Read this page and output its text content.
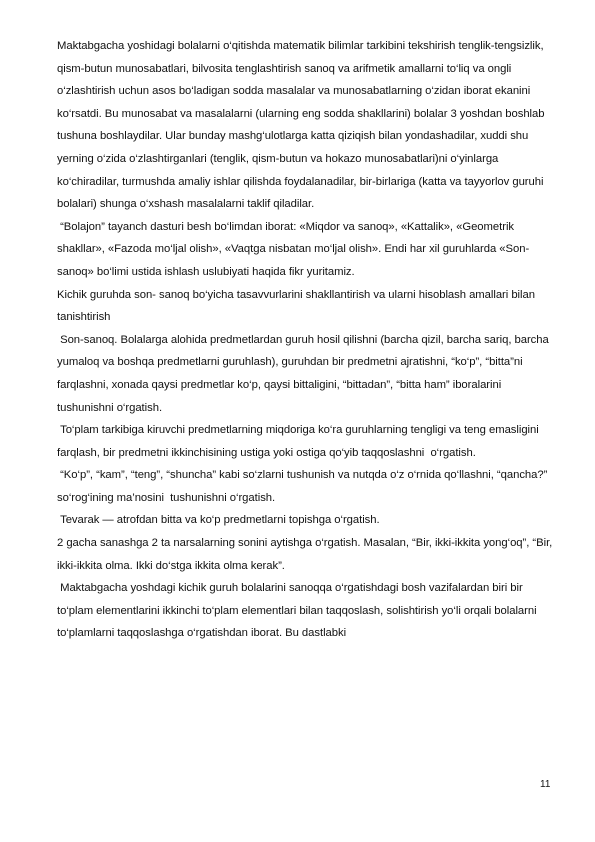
Maktabgacha yoshidagi bolalarni o‘qitishda matematik bilimlar tarkibini tekshirish tenglik-tengsizlik, qism-butun munosabatlari, bilvosita tenglashtirish sanoq va arifmetik amallarni to‘liq va ongli o‘zlashtirish uchun asos bo‘ladigan sodda masalalar va munosabatlarning o‘zidan iborat ekanini ko‘rsatdi. Bu munosabat va masalalarni (ularning eng sodda shakllarini) bolalar 3 yoshdan boshlab tushuna boshlaydilar. Ular bunday mashg‘ulotlarga katta qiziqish bilan yondashadilar, xuddi shu yerning o‘zida o‘zlashtirganlari (tenglik, qism-butun va hokazo munosabatlari)ni o‘yinlarga ko‘chiradilar, turmushda amaliy ishlar qilishda foydalanadilar, bir-birlariga (katta va tayyorlov guruhi bolalari) shunga o‘xshash masalalarni taklif qiladilar.

“Bolajon” tayanch dasturi besh bo‘limdan iborat: «Miqdor va sanoq», «Kattalik», «Geometrik shakllar», «Fazoda mo‘ljal olish», «Vaqtga nisbatan mo‘ljal olish». Endi har xil guruhlarda «Son-sanoq» bo‘limi ustida ishlash uslubiyati haqida fikr yuritamiz.

Kichik guruhda son- sanoq bo‘yicha tasavvurlarini shakllantirish va ularni hisoblash amallari bilan tanishtirish

Son-sanoq. Bolalarga alohida predmetlardan guruh hosil qilishni (barcha qizil, barcha sariq, barcha yumaloq va boshqa predmetlarni guruhlash), guruhdan bir predmetni ajratishni, “ko‘p”, “bitta”ni farqlashni, xonada qaysi predmetlar ko‘p, qaysi bittaligini, “bittadan”, “bitta ham” iboralarini tushunishni o‘rgatish.

To‘plam tarkibiga kiruvchi predmetlarning miqdoriga ko‘ra guruhlarning tengligi va teng emasligini farqlash, bir predmetni ikkinchisining ustiga yoki ostiga qo‘yib taqqoslashni  o‘rgatish.

“Ko‘p”, “kam”, “teng”, “shuncha” kabi so‘zlarni tushunish va nutqda o‘z o‘rnida qo‘llashni, “qancha?” so‘rog‘ining ma’nosini  tushunishni o‘rgatish.

Tevarak — atrofdan bitta va ko‘p predmetlarni topishga o‘rgatish.

2 gacha sanashga 2 ta narsalarning sonini aytishga o‘rgatish. Masalan, “Bir, ikki-ikkita yong‘oq”, “Bir, ikki-ikkita olma. Ikki do‘stga ikkita olma kerak”.

Maktabgacha yoshdagi kichik guruh bolalarini sanoqqa o‘rgatishdagi bosh vazifalardan biri bir to‘plam elementlarini ikkinchi to‘plam elementlari bilan taqqoslash, solishtirish yo‘li orqali bolalarni to‘plamlarni taqqoslashga o‘rgatishdan iborat. Bu dastlabki

11
